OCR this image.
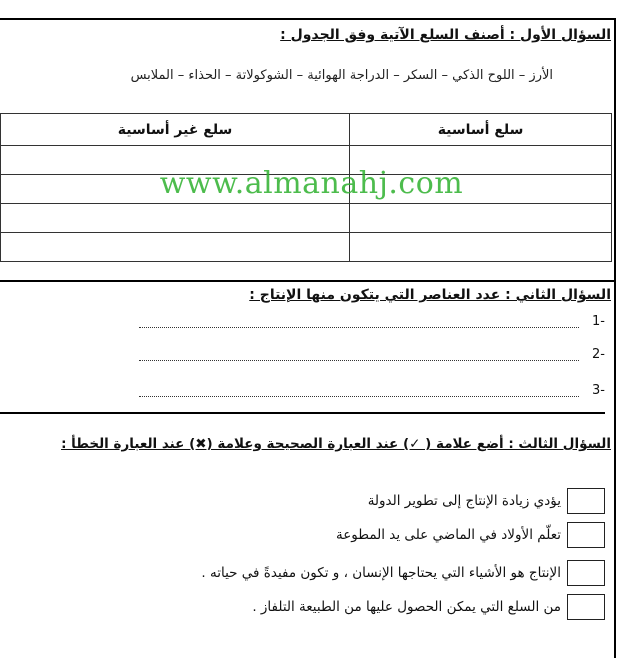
السؤال الأول : أصنف السلع الآتية وفق الجدول :
الأرز – اللوح الذكي – السكر – الدراجة الهوائية – الشوكولاتة – الحذاء – الملابس
سلع أساسية	سلع غير أساسية

www.almanahj.com
السؤال الثاني : عدد العناصر التي يتكون منها الإنتاج :
-1
-2
-3
السؤال الثالث : أضع علامة ( ✓) عند العبارة الصحيحة وعلامة (✖) عند العبارة الخطأ :
يؤدي زيادة الإنتاج إلى تطوير الدولة
تعلّم الأولاد في الماضي على يد المطوعة
الإنتاج هو الأشياء التي يحتاجها الإنسان ، و تكون مفيدةً في حياته .
من السلع التي يمكن الحصول عليها من الطبيعة التلفاز .
